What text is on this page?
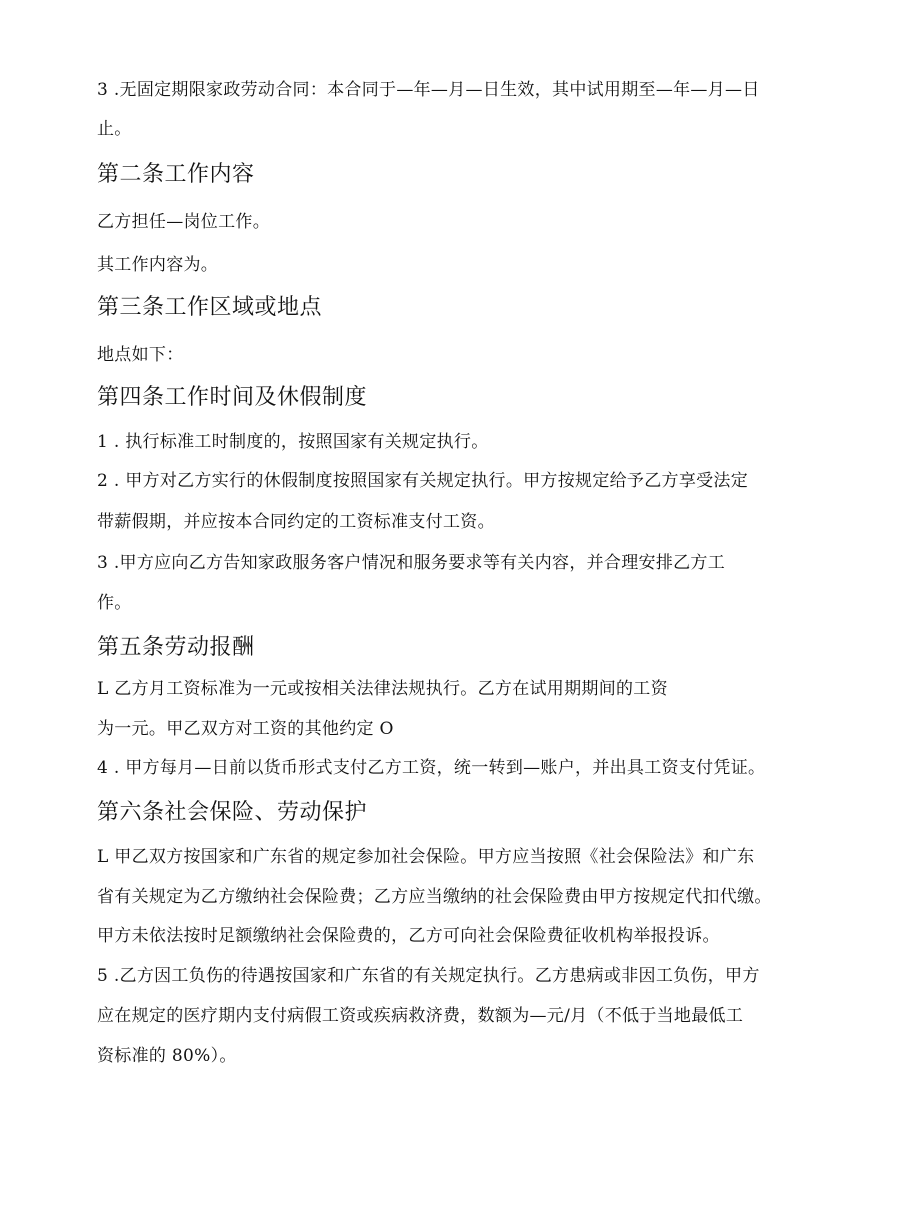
3 .无固定期限家政劳动合同：本合同于—年—月—日生效，其中试用期至—年—月—日
止。
第二条工作内容
乙方担任—岗位工作。
其工作内容为。
第三条工作区域或地点
地点如下：
第四条工作时间及休假制度
1 . 执行标准工时制度的，按照国家有关规定执行。
2 . 甲方对乙方实行的休假制度按照国家有关规定执行。甲方按规定给予乙方享受法定
带薪假期，并应按本合同约定的工资标准支付工资。
3 .甲方应向乙方告知家政服务客户情况和服务要求等有关内容，并合理安排乙方工
作。
第五条劳动报酬
L 乙方月工资标准为一元或按相关法律法规执行。乙方在试用期期间的工资
为一元。甲乙双方对工资的其他约定 O
4 . 甲方每月—日前以货币形式支付乙方工资，统一转到—账户，并出具工资支付凭证。
第六条社会保险、劳动保护
L 甲乙双方按国家和广东省的规定参加社会保险。甲方应当按照《社会保险法》和广东
省有关规定为乙方缴纳社会保险费；乙方应当缴纳的社会保险费由甲方按规定代扣代缴。
甲方未依法按时足额缴纳社会保险费的，乙方可向社会保险费征收机构举报投诉。
5 .乙方因工负伤的待遇按国家和广东省的有关规定执行。乙方患病或非因工负伤，甲方
应在规定的医疗期内支付病假工资或疾病救济费，数额为—元/月（不低于当地最低工
资标准的 80%）。
